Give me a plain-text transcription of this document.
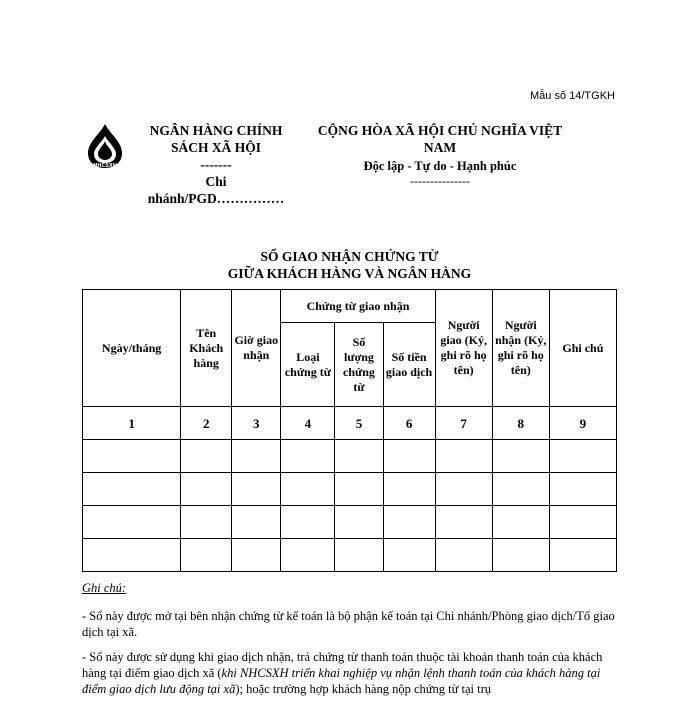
Mẫu số 14/TGKH
NHCSXH
NGÂN HÀNG CHÍNH
SÁCH XÃ HỘI
-------
Chi
nhánh/PGD……………
CỘNG HÒA XÃ HỘI CHỦ NGHĨA VIỆT
NAM
Độc lập - Tự do - Hạnh phúc
---------------
SỔ GIAO NHẬN CHỨNG TỪ
GIỮA KHÁCH HÀNG VÀ NGÂN HÀNG
Ngày/tháng	Tên Khách hàng	Giờ giao nhận	Chứng từ giao nhận			Người giao (Ký, ghi rõ họ tên)	Người nhận (Ký, ghi rõ họ tên)	Ghi chú
			Loại chứng từ	Số lượng chứng từ	Số tiền giao dịch			
1	2	3	4	5	6	7	8	9

Ghi chú:

- Sổ này được mở tại bên nhận chứng từ kế toán là bộ phận kế toán tại Chi nhánh/Phòng giao dịch/Tổ giao dịch tại xã.

- Sổ này được sử dụng khi giao dịch nhận, trả chứng từ thanh toán thuộc tài khoản thanh toán của khách hàng tại điểm giao dịch xã (khi NHCSXH triển khai nghiệp vụ nhận lệnh thanh toán của khách hàng tại điểm giao dịch lưu động tại xã); hoặc trường hợp khách hàng nộp chứng từ tại trụ
